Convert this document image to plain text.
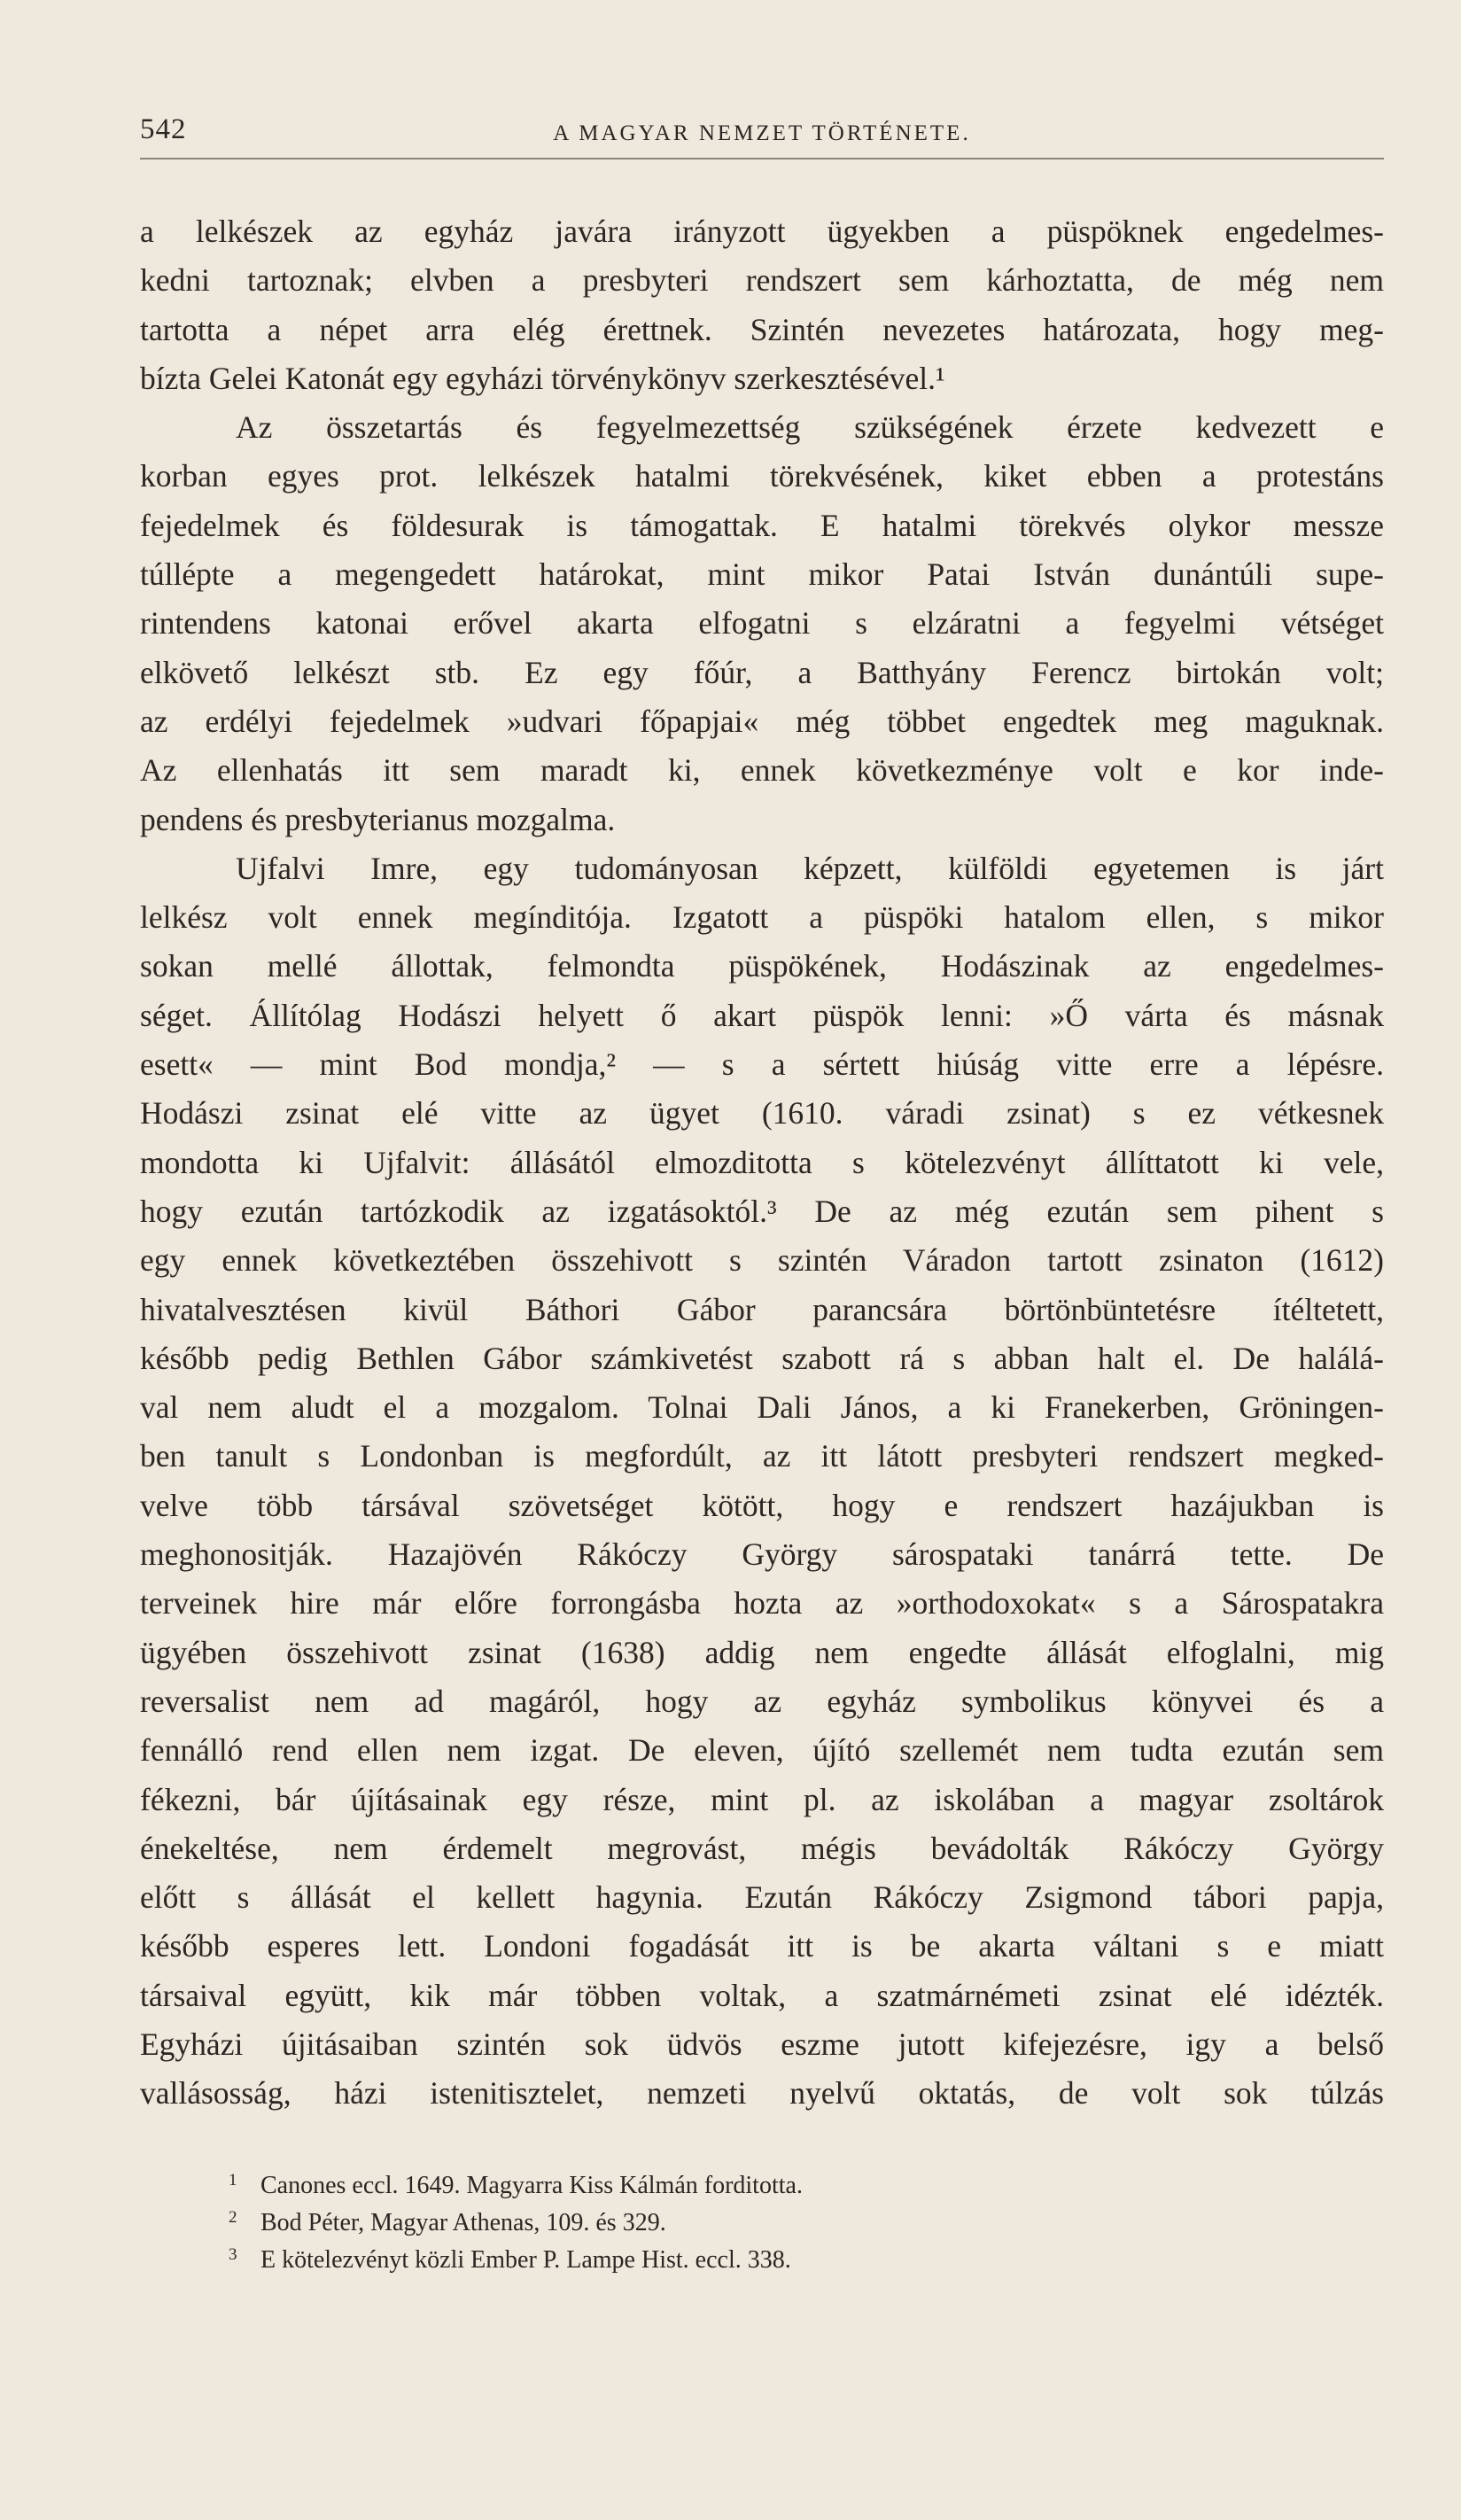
542	A MAGYAR NEMZET TÖRTÉNETE.
a lelkészek az egyház javára irányzott ügyekben a püspöknek engedelmes-
kedni tartoznak; elvben a presbyteri rendszert sem kárhoztatta, de még nem
tartotta a népet arra elég érettnek. Szintén nevezetes határozata, hogy meg-
bízta Gelei Katonát egy egyházi törvénykönyv szerkesztésével.¹
Az összetartás és fegyelmezettség szükségének érzete kedvezett e
korban egyes prot. lelkészek hatalmi törekvésének, kiket ebben a protestáns
fejedelmek és földesurak is támogattak. E hatalmi törekvés olykor messze
túllépte a megengedett határokat, mint mikor Patai István dunántúli supe-
rintendens katonai erővel akarta elfogatni s elzáratni a fegyelmi vétséget
elkövető lelkészt stb. Ez egy főúr, a Batthyány Ferencz birtokán volt;
az erdélyi fejedelmek »udvari főpapjai« még többet engedtek meg maguknak.
Az ellenhatás itt sem maradt ki, ennek következménye volt e kor inde-
pendens és presbyterianus mozgalma.
Ujfalvi Imre, egy tudományosan képzett, külföldi egyetemen is járt
lelkész volt ennek megínditója. Izgatott a püspöki hatalom ellen, s mikor
sokan mellé állottak, felmondta püspökének, Hodászinak az engedelmes-
séget. Állítólag Hodászi helyett ő akart püspök lenni: »Ő várta és másnak
esett« — mint Bod mondja,² — s a sértett hiúság vitte erre a lépésre.
Hodászi zsinat elé vitte az ügyet (1610. váradi zsinat) s ez vétkesnek
mondotta ki Ujfalvit: állásától elmozditotta s kötelezvényt állíttatott ki vele,
hogy ezután tartózkodik az izgatásoktól.³ De az még ezután sem pihent s
egy ennek következtében összehivott s szintén Váradon tartott zsinaton (1612)
hivatalvesztésen kivül Báthori Gábor parancsára börtönbüntetésre ítéltetett,
később pedig Bethlen Gábor számkivetést szabott rá s abban halt el. De halálá-
val nem aludt el a mozgalom. Tolnai Dali János, a ki Franekerben, Gröningen-
ben tanult s Londonban is megfordúlt, az itt látott presbyteri rendszert megked-
velve több társával szövetséget kötött, hogy e rendszert hazájukban is
meghonositják. Hazajövén Rákóczy György sárospataki tanárrá tette. De
terveinek hire már előre forrongásba hozta az »orthodoxokat« s a Sárospatakra
ügyében összehivott zsinat (1638) addig nem engedte állását elfoglalni, mig
reversalist nem ad magáról, hogy az egyház symbolikus könyvei és a
fennálló rend ellen nem izgat. De eleven, újító szellemét nem tudta ezután sem
fékezni, bár újításainak egy része, mint pl. az iskolában a magyar zsoltárok
énekeltése, nem érdemelt megrovást, mégis bevádolták Rákóczy György
előtt s állását el kellett hagynia. Ezután Rákóczy Zsigmond tábori papja,
később esperes lett. Londoni fogadását itt is be akarta váltani s e miatt
társaival együtt, kik már többen voltak, a szatmárnémeti zsinat elé idézték.
Egyházi újitásaiban szintén sok üdvös eszme jutott kifejezésre, igy a belső
vallásosság, házi istenitisztelet, nemzeti nyelvű oktatás, de volt sok túlzás
1 Canones eccl. 1649. Magyarra Kiss Kálmán forditotta.
2 Bod Péter, Magyar Athenas, 109. és 329.
3 E kötelezvényt közli Ember P. Lampe Hist. eccl. 338.
